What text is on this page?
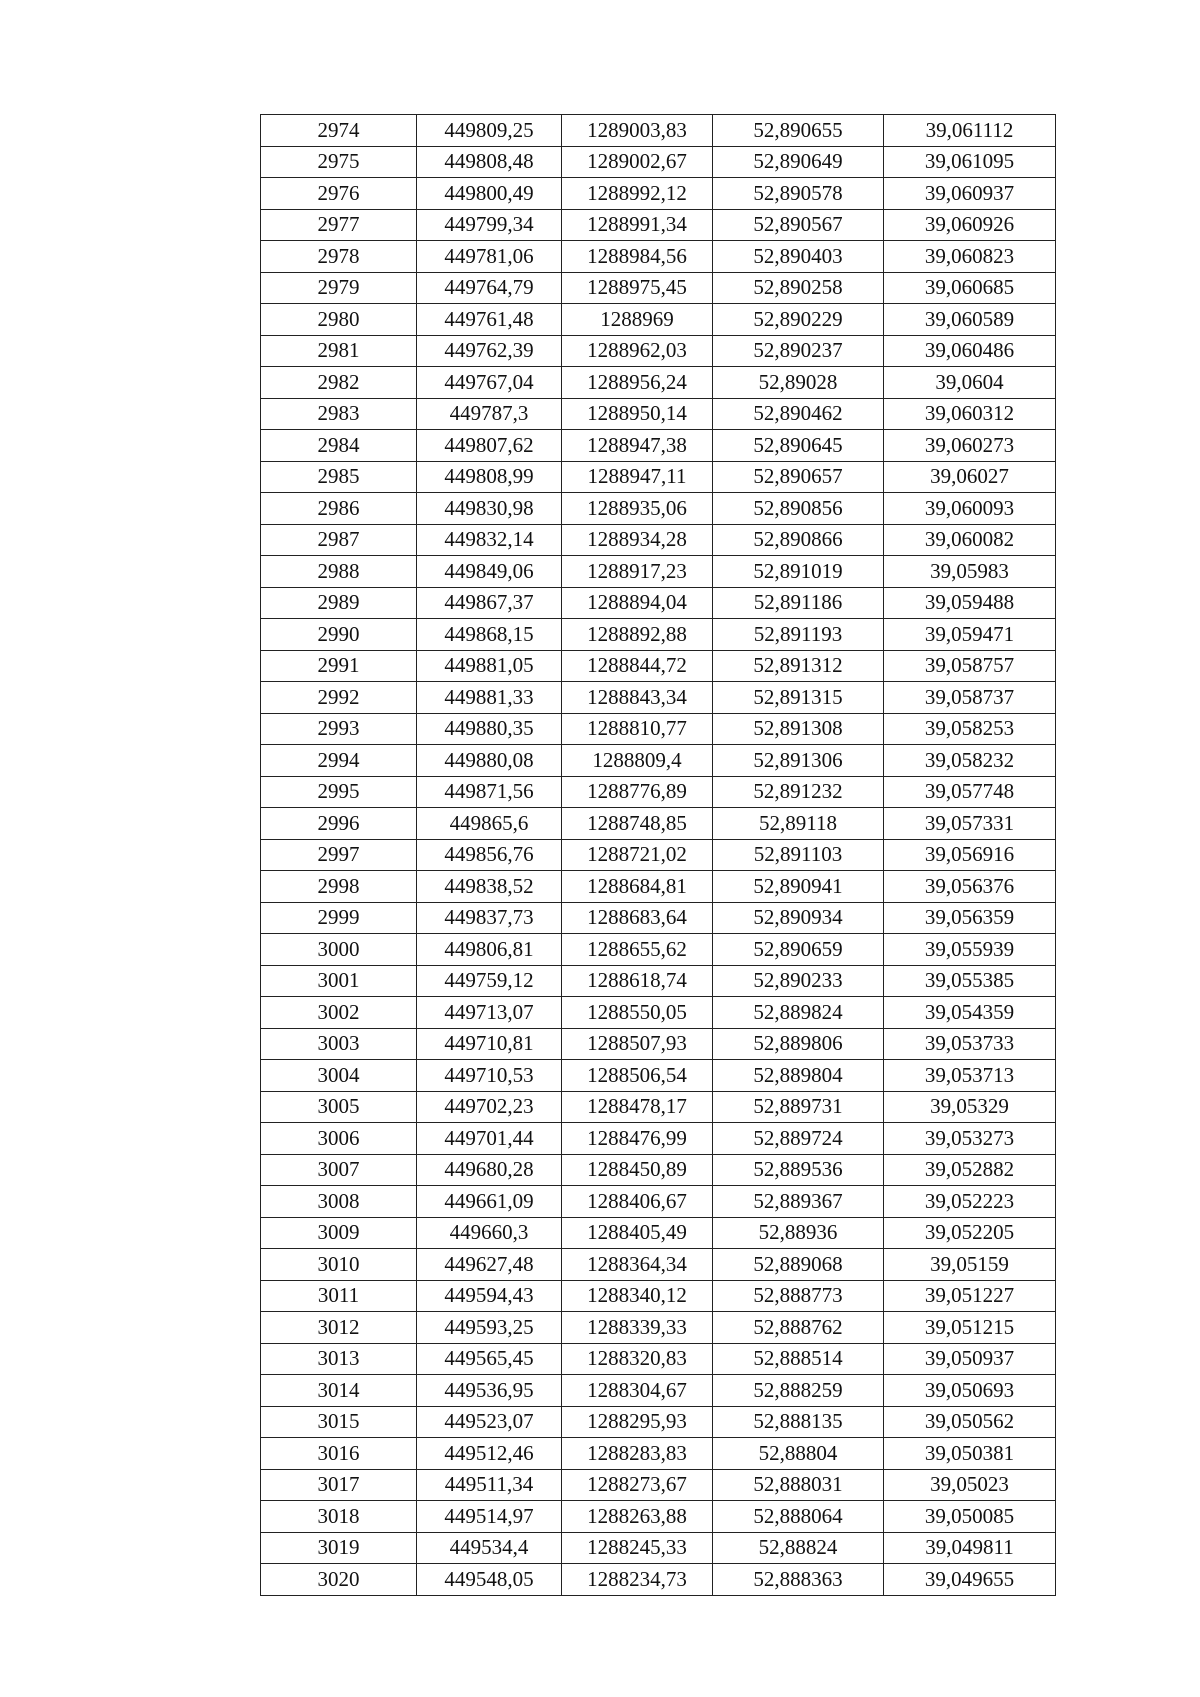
2974	449809,25	1289003,83	52,890655	39,061112
2975	449808,48	1289002,67	52,890649	39,061095
2976	449800,49	1288992,12	52,890578	39,060937
2977	449799,34	1288991,34	52,890567	39,060926
2978	449781,06	1288984,56	52,890403	39,060823
2979	449764,79	1288975,45	52,890258	39,060685
2980	449761,48	1288969	52,890229	39,060589
2981	449762,39	1288962,03	52,890237	39,060486
2982	449767,04	1288956,24	52,89028	39,0604
2983	449787,3	1288950,14	52,890462	39,060312
2984	449807,62	1288947,38	52,890645	39,060273
2985	449808,99	1288947,11	52,890657	39,06027
2986	449830,98	1288935,06	52,890856	39,060093
2987	449832,14	1288934,28	52,890866	39,060082
2988	449849,06	1288917,23	52,891019	39,05983
2989	449867,37	1288894,04	52,891186	39,059488
2990	449868,15	1288892,88	52,891193	39,059471
2991	449881,05	1288844,72	52,891312	39,058757
2992	449881,33	1288843,34	52,891315	39,058737
2993	449880,35	1288810,77	52,891308	39,058253
2994	449880,08	1288809,4	52,891306	39,058232
2995	449871,56	1288776,89	52,891232	39,057748
2996	449865,6	1288748,85	52,89118	39,057331
2997	449856,76	1288721,02	52,891103	39,056916
2998	449838,52	1288684,81	52,890941	39,056376
2999	449837,73	1288683,64	52,890934	39,056359
3000	449806,81	1288655,62	52,890659	39,055939
3001	449759,12	1288618,74	52,890233	39,055385
3002	449713,07	1288550,05	52,889824	39,054359
3003	449710,81	1288507,93	52,889806	39,053733
3004	449710,53	1288506,54	52,889804	39,053713
3005	449702,23	1288478,17	52,889731	39,05329
3006	449701,44	1288476,99	52,889724	39,053273
3007	449680,28	1288450,89	52,889536	39,052882
3008	449661,09	1288406,67	52,889367	39,052223
3009	449660,3	1288405,49	52,88936	39,052205
3010	449627,48	1288364,34	52,889068	39,05159
3011	449594,43	1288340,12	52,888773	39,051227
3012	449593,25	1288339,33	52,888762	39,051215
3013	449565,45	1288320,83	52,888514	39,050937
3014	449536,95	1288304,67	52,888259	39,050693
3015	449523,07	1288295,93	52,888135	39,050562
3016	449512,46	1288283,83	52,88804	39,050381
3017	449511,34	1288273,67	52,888031	39,05023
3018	449514,97	1288263,88	52,888064	39,050085
3019	449534,4	1288245,33	52,88824	39,049811
3020	449548,05	1288234,73	52,888363	39,049655
